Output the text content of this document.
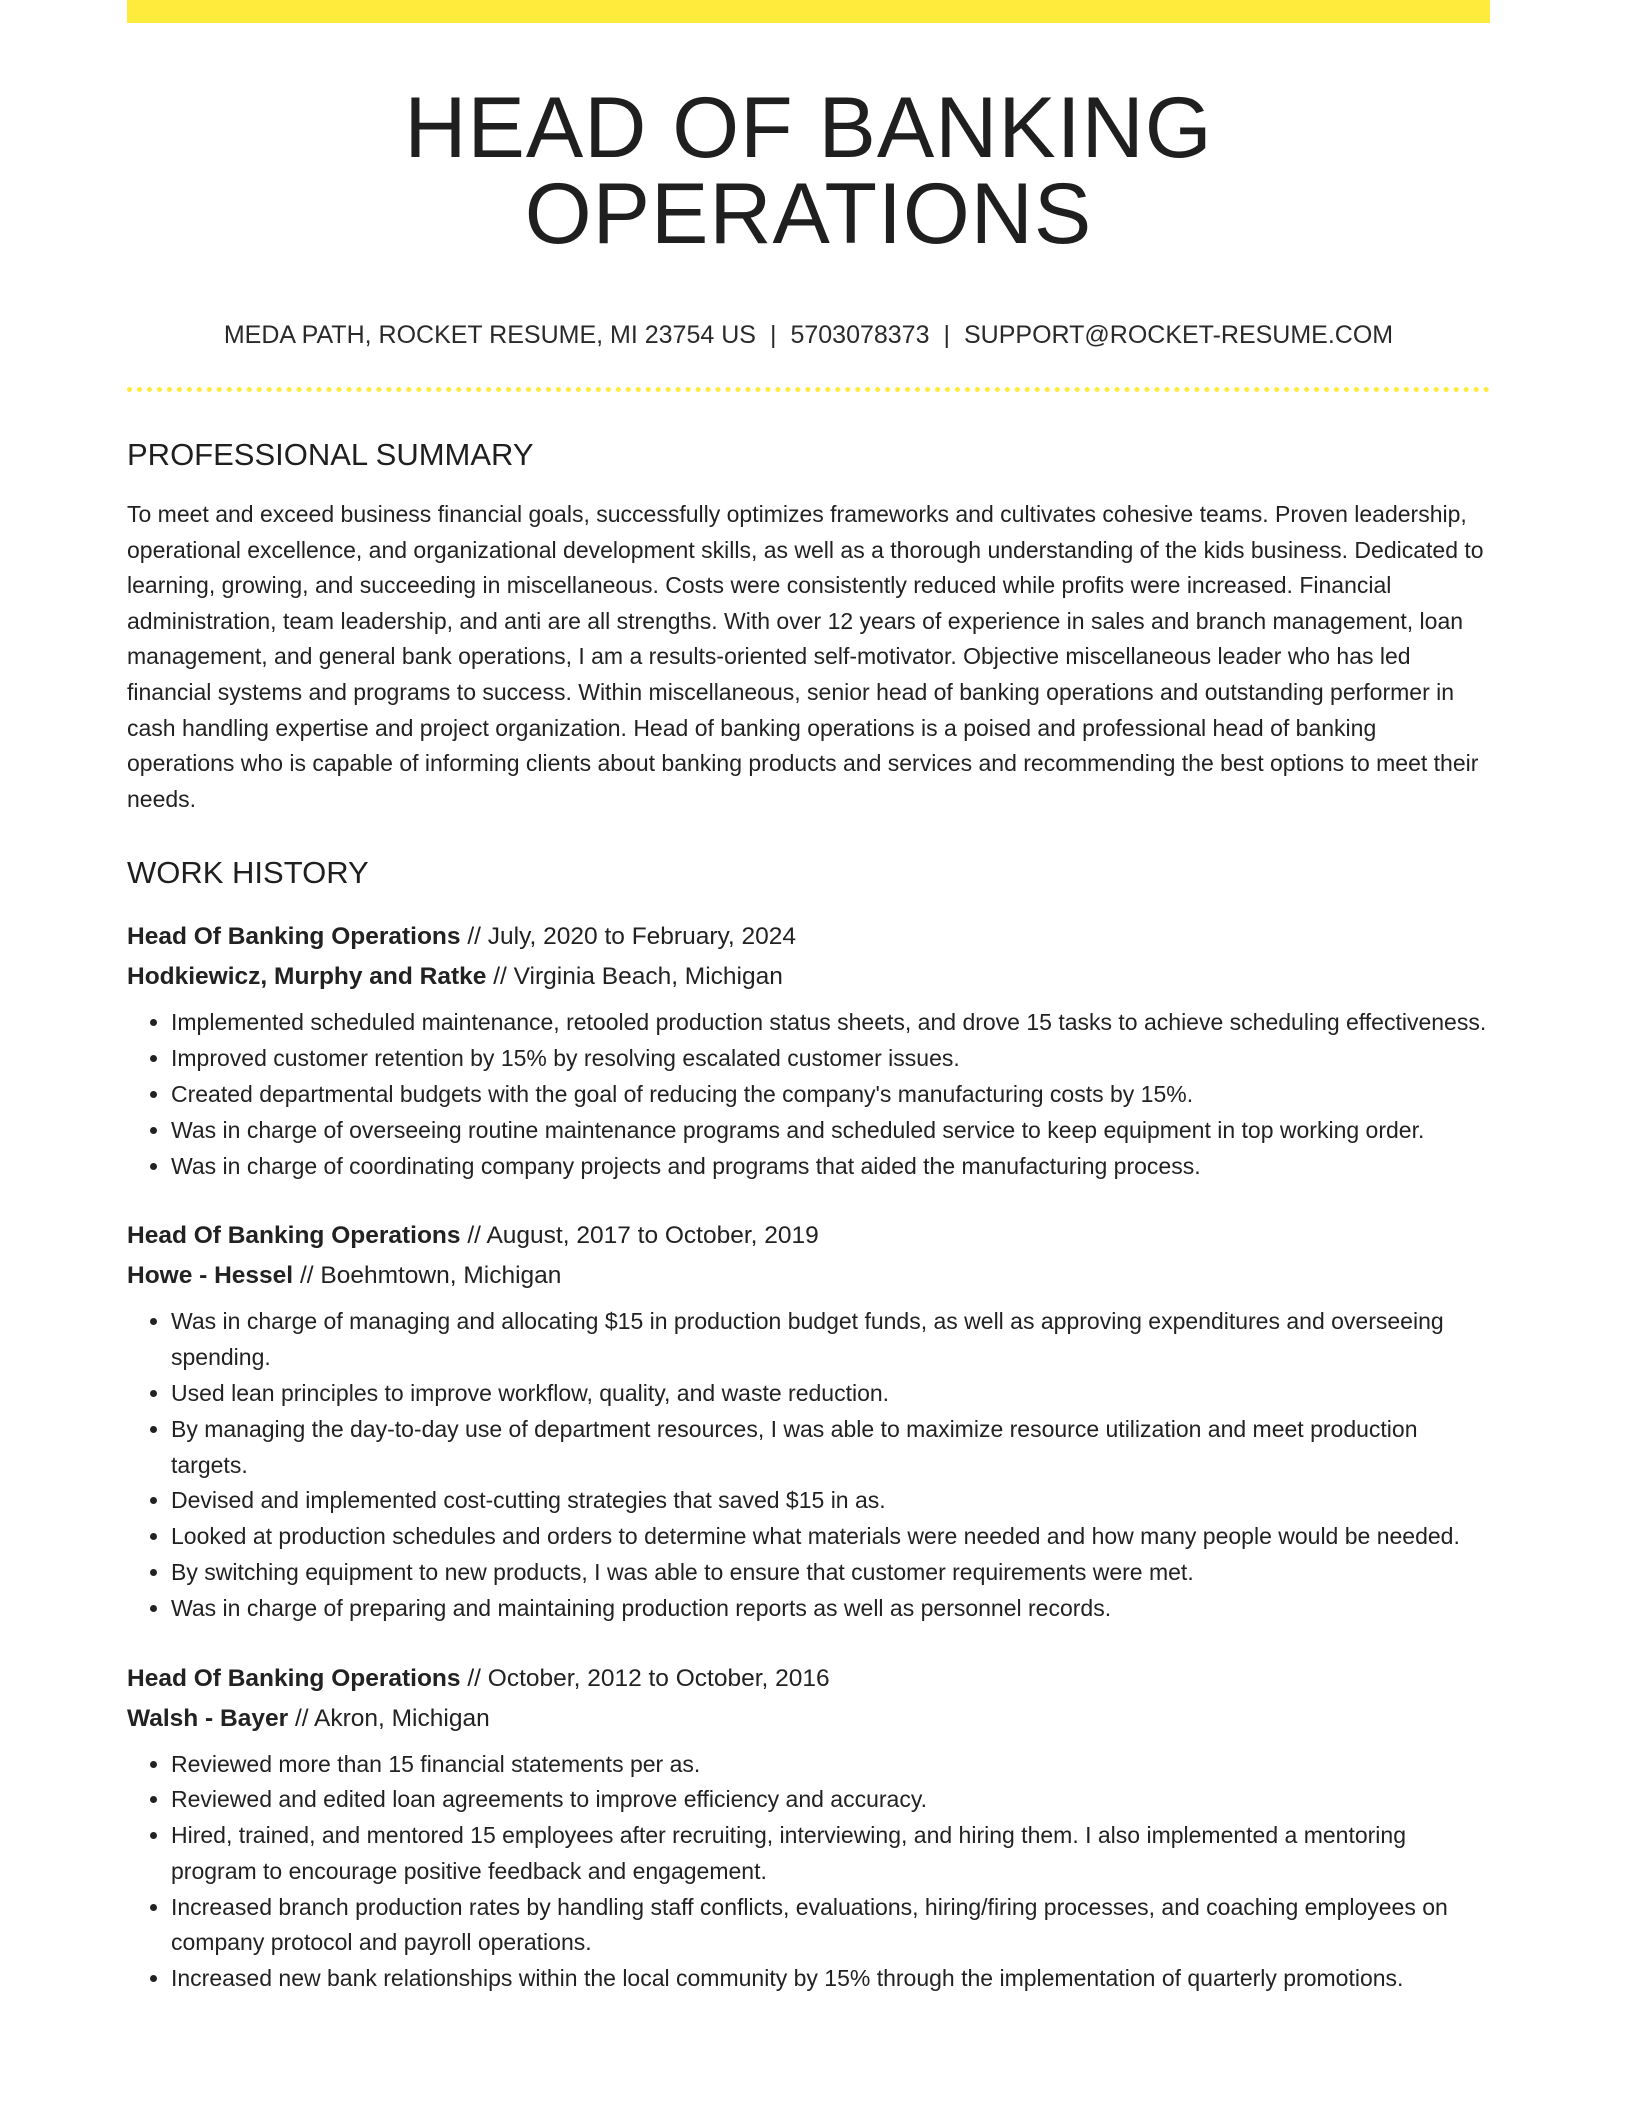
HEAD OF BANKING OPERATIONS
MEDA PATH, ROCKET RESUME, MI 23754 US | 5703078373 | SUPPORT@ROCKET-RESUME.COM
PROFESSIONAL SUMMARY

To meet and exceed business financial goals, successfully optimizes frameworks and cultivates cohesive teams. Proven leadership, operational excellence, and organizational development skills, as well as a thorough understanding of the kids business. Dedicated to learning, growing, and succeeding in miscellaneous. Costs were consistently reduced while profits were increased. Financial administration, team leadership, and anti are all strengths. With over 12 years of experience in sales and branch management, loan management, and general bank operations, I am a results-oriented self-motivator. Objective miscellaneous leader who has led financial systems and programs to success. Within miscellaneous, senior head of banking operations and outstanding performer in cash handling expertise and project organization. Head of banking operations is a poised and professional head of banking operations who is capable of informing clients about banking products and services and recommending the best options to meet their needs.

WORK HISTORY
Head Of Banking Operations // July, 2020 to February, 2024
Hodkiewicz, Murphy and Ratke // Virginia Beach, Michigan
• Implemented scheduled maintenance, retooled production status sheets, and drove 15 tasks to achieve scheduling effectiveness.
• Improved customer retention by 15% by resolving escalated customer issues.
• Created departmental budgets with the goal of reducing the company's manufacturing costs by 15%.
• Was in charge of overseeing routine maintenance programs and scheduled service to keep equipment in top working order.
• Was in charge of coordinating company projects and programs that aided the manufacturing process.
Head Of Banking Operations // August, 2017 to October, 2019
Howe - Hessel // Boehmtown, Michigan
• Was in charge of managing and allocating $15 in production budget funds, as well as approving expenditures and overseeing spending.
• Used lean principles to improve workflow, quality, and waste reduction.
• By managing the day-to-day use of department resources, I was able to maximize resource utilization and meet production targets.
• Devised and implemented cost-cutting strategies that saved $15 in as.
• Looked at production schedules and orders to determine what materials were needed and how many people would be needed.
• By switching equipment to new products, I was able to ensure that customer requirements were met.
• Was in charge of preparing and maintaining production reports as well as personnel records.
Head Of Banking Operations // October, 2012 to October, 2016
Walsh - Bayer // Akron, Michigan
• Reviewed more than 15 financial statements per as.
• Reviewed and edited loan agreements to improve efficiency and accuracy.
• Hired, trained, and mentored 15 employees after recruiting, interviewing, and hiring them. I also implemented a mentoring program to encourage positive feedback and engagement.
• Increased branch production rates by handling staff conflicts, evaluations, hiring/firing processes, and coaching employees on company protocol and payroll operations.
• Increased new bank relationships within the local community by 15% through the implementation of quarterly promotions.
